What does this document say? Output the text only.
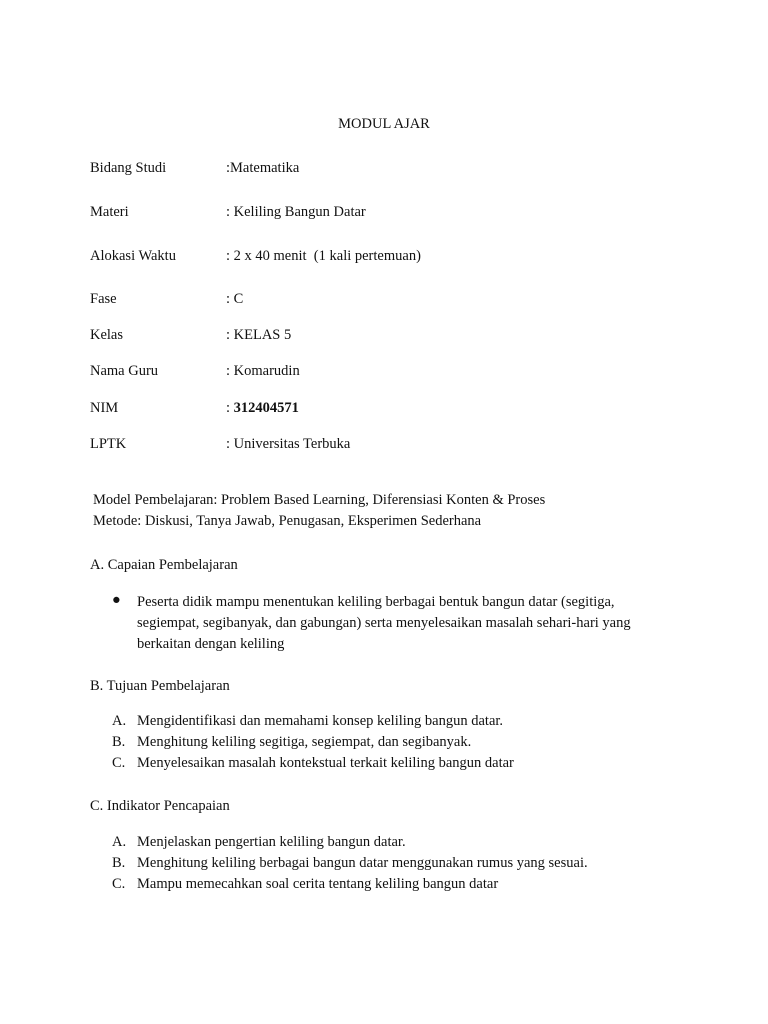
MODUL AJAR
Bidang Studi	:Matematika
Materi	: Keliling Bangun Datar
Alokasi Waktu	: 2 x 40 menit  (1 kali pertemuan)
Fase	: C
Kelas	: KELAS 5
Nama Guru	: Komarudin
NIM	: 312404571
LPTK	: Universitas Terbuka
Model Pembelajaran: Problem Based Learning, Diferensiasi Konten & Proses
Metode: Diskusi, Tanya Jawab, Penugasan, Eksperimen Sederhana
A. Capaian Pembelajaran
● Peserta didik mampu menentukan keliling berbagai bentuk bangun datar (segitiga, segiempat, segibanyak, dan gabungan) serta menyelesaikan masalah sehari-hari yang berkaitan dengan keliling
B. Tujuan Pembelajaran
A. Mengidentifikasi dan memahami konsep keliling bangun datar.
B. Menghitung keliling segitiga, segiempat, dan segibanyak.
C. Menyelesaikan masalah kontekstual terkait keliling bangun datar
C. Indikator Pencapaian
A. Menjelaskan pengertian keliling bangun datar.
B. Menghitung keliling berbagai bangun datar menggunakan rumus yang sesuai.
C. Mampu memecahkan soal cerita tentang keliling bangun datar
